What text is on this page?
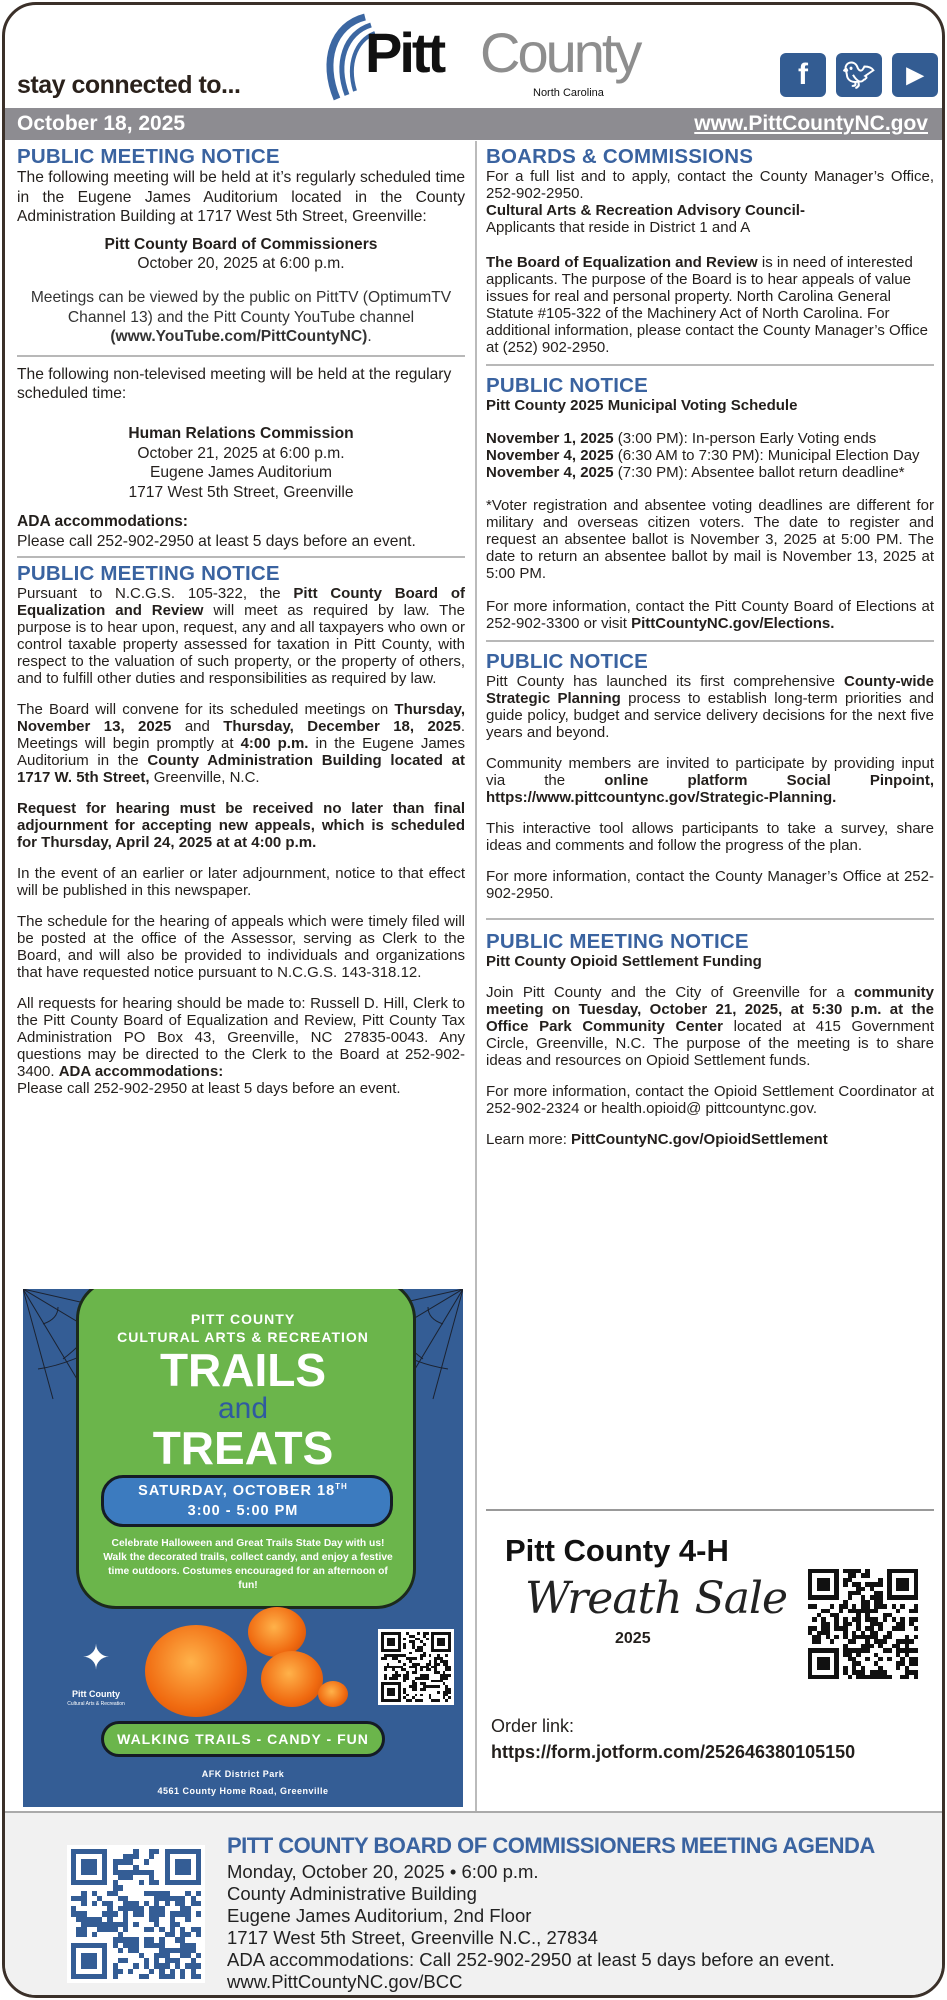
stay connected to...
Pitt County
North Carolina
f	🐦︎	▶
October 18, 2025	www.PittCountyNC.gov
PUBLIC MEETING NOTICE

The following meeting will be held at it’s regularly scheduled time in the Eugene James Auditorium located in the County Administration Building at 1717 West 5th Street, Greenville:

Pitt County Board of Commissioners

October 20, 2025 at 6:00 p.m.

Meetings can be viewed by the public on PittTV (OptimumTV Channel 13) and the Pitt County YouTube channel (www.YouTube.com/PittCountyNC).

The following non-televised meeting will be held at the regulary scheduled time:

Human Relations Commission

October 21, 2025 at 6:00 p.m.

Eugene James Auditorium

1717 West 5th Street, Greenville

ADA accommodations:

Please call 252-902-2950 at least 5 days before an event.

PUBLIC MEETING NOTICE

Pursuant to N.C.G.S. 105-322, the Pitt County Board of Equalization and Review will meet as required by law. The purpose is to hear upon, request, any and all taxpayers who own or control taxable property assessed for taxation in Pitt County, with respect to the valuation of such property, or the property of others, and to fulfill other duties and responsibilities as required by law.

The Board will convene for its scheduled meetings on Thursday, November 13, 2025 and Thursday, December 18, 2025. Meetings will begin promptly at 4:00 p.m. in the Eugene James Auditorium in the County Administration Building located at 1717 W. 5th Street, Greenville, N.C.

Request for hearing must be received no later than final adjournment for accepting new appeals, which is scheduled for Thursday, April 24, 2025 at at 4:00 p.m.

In the event of an earlier or later adjournment, notice to that effect will be published in this newspaper.

The schedule for the hearing of appeals which were timely filed will be posted at the office of the Assessor, serving as Clerk to the Board, and will also be provided to individuals and organizations that have requested notice pursuant to N.C.G.S. 143-318.12.

All requests for hearing should be made to: Russell D. Hill, Clerk to the Pitt County Board of Equalization and Review, Pitt County Tax Administration PO Box 43, Greenville, NC 27835-0043. Any questions may be directed to the Clerk to the Board at 252-902-3400. ADA accommodations:

Please call 252-902-2950 at least 5 days before an event.

PITT COUNTY
CULTURAL ARTS & RECREATION
TRAILS
and
TREATS
SATURDAY, OCTOBER 18TH
3:00 - 5:00 PM
Celebrate Halloween and Great Trails State Day with us! Walk the decorated trails, collect candy, and enjoy a festive time outdoors. Costumes encouraged for an afternoon of fun!
✦
Pitt County
Cultural Arts & Recreation
WALKING TRAILS - CANDY - FUN
AFK District Park
4561 County Home Road, Greenville
BOARDS & COMMISSIONS

For a full list and to apply, contact the County Manager’s Office, 252-902-2950.

Cultural Arts & Recreation Advisory Council-

Applicants that reside in District 1 and A

The Board of Equalization and Review is in need of interested applicants. The purpose of the Board is to hear appeals of value issues for real and personal property. North Carolina General Statute #105-322 of the Machinery Act of North Carolina. For additional information, please contact the County Manager’s Office at (252) 902-2950.

PUBLIC NOTICE

Pitt County 2025 Municipal Voting Schedule

November 1, 2025 (3:00 PM): In-person Early Voting ends

November 4, 2025 (6:30 AM to 7:30 PM): Municipal Election Day

November 4, 2025 (7:30 PM): Absentee ballot return deadline*

*Voter registration and absentee voting deadlines are different for military and overseas citizen voters. The date to register and request an absentee ballot is November 3, 2025 at 5:00 PM. The date to return an absentee ballot by mail is November 13, 2025 at 5:00 PM.

For more information, contact the Pitt County Board of Elections at 252-902-3300 or visit PittCountyNC.gov/Elections.

PUBLIC NOTICE

Pitt County has launched its first comprehensive County-wide Strategic Planning process to establish long-term priorities and guide policy, budget and service delivery decisions for the next five years and beyond.

Community members are invited to participate by providing input via the online platform Social Pinpoint, https://www.pittcountync.gov/Strategic-Planning.

This interactive tool allows participants to take a survey, share ideas and comments and follow the progress of the plan.

For more information, contact the County Manager’s Office at 252-902-2950.

PUBLIC MEETING NOTICE

Pitt County Opioid Settlement Funding

Join Pitt County and the City of Greenville for a community meeting on Tuesday, October 21, 2025, at 5:30 p.m. at the Office Park Community Center located at 415 Government Circle, Greenville, N.C. The purpose of the meeting is to share ideas and resources on Opioid Settlement funds.

For more information, contact the Opioid Settlement Coordinator at 252-902-2324 or health.opioid@ pittcountync.gov.

Learn more: PittCountyNC.gov/OpioidSettlement

Pitt County 4-H
Wreath Sale
2025
Order link:
https://form.jotform.com/252646380105150
PITT COUNTY BOARD OF COMMISSIONERS MEETING AGENDA
Monday, October 20, 2025 • 6:00 p.m.
County Administrative Building
Eugene James Auditorium, 2nd Floor
1717 West 5th Street, Greenville N.C., 27834
ADA accommodations: Call 252-902-2950 at least 5 days before an event.
www.PittCountyNC.gov/BCC
